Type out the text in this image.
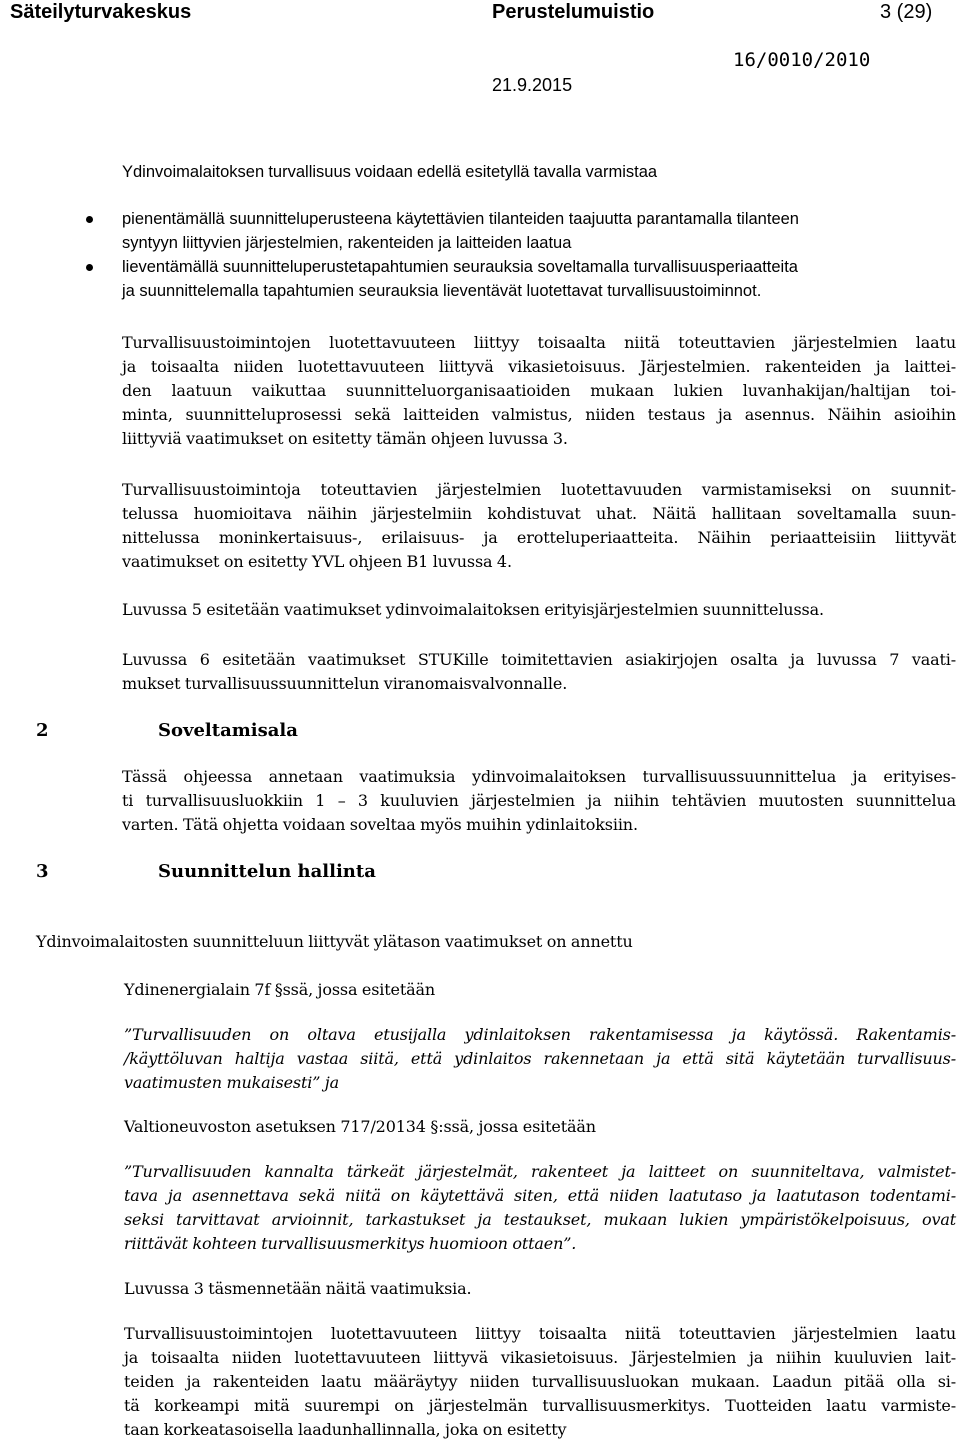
Säteilyturvakeskus	Perustelumuistio	3 (29)
16/0010/2010
21.9.2015
Ydinvoimalaitoksen turvallisuus voidaan edellä esitetyllä tavalla varmistaa
pienentämällä suunnitteluperusteena käytettävien tilanteiden taajuutta parantamalla tilanteen
syntyyn liittyvien järjestelmien, rakenteiden ja laitteiden laatua
lieventämällä suunnitteluperustetapahtumien seurauksia soveltamalla turvallisuusperiaatteita
ja suunnittelemalla tapahtumien seurauksia lieventävät luotettavat turvallisuustoiminnot.
Turvallisuustoimintojen luotettavuuteen liittyy toisaalta niitä toteuttavien järjestelmien laatu
ja toisaalta niiden luotettavuuteen liittyvä vikasietoisuus. Järjestelmien. rakenteiden ja laittei-
den laatuun vaikuttaa suunnitteluorganisaatioiden mukaan lukien luvanhakijan/haltijan toi-
minta, suunnitteluprosessi sekä laitteiden valmistus, niiden testaus ja asennus. Näihin asioihin
liittyviä vaatimukset on esitetty tämän ohjeen luvussa 3.
Turvallisuustoimintoja toteuttavien järjestelmien luotettavuuden varmistamiseksi on suunnit-
telussa huomioitava näihin järjestelmiin kohdistuvat uhat. Näitä hallitaan soveltamalla suun-
nittelussa moninkertaisuus-, erilaisuus- ja erotteluperiaatteita. Näihin periaatteisiin liittyvät
vaatimukset on esitetty YVL ohjeen B1 luvussa 4.
Luvussa 5 esitetään vaatimukset ydinvoimalaitoksen erityisjärjestelmien suunnittelussa.
Luvussa 6 esitetään vaatimukset STUKille toimitettavien asiakirjojen osalta ja luvussa 7 vaati-
mukset turvallisuussuunnittelun viranomaisvalvonnalle.
2	Soveltamisala
Tässä ohjeessa annetaan vaatimuksia ydinvoimalaitoksen turvallisuussuunnittelua ja erityises-
ti turvallisuusluokkiin 1 – 3 kuuluvien järjestelmien ja niihin tehtävien muutosten suunnittelua
varten. Tätä ohjetta voidaan soveltaa myös muihin ydinlaitoksiin.
3	Suunnittelun hallinta
Ydinvoimalaitosten suunnitteluun liittyvät ylätason vaatimukset on annettu
Ydinenergialain 7f §ssä, jossa esitetään
”Turvallisuuden on oltava etusijalla ydinlaitoksen rakentamisessa ja käytössä. Rakentamis-
/käyttöluvan haltija vastaa siitä, että ydinlaitos rakennetaan ja että sitä käytetään turvallisuus-
vaatimusten mukaisesti” ja
Valtioneuvoston asetuksen 717/20134 §:ssä, jossa esitetään
”Turvallisuuden kannalta tärkeät järjestelmät, rakenteet ja laitteet on suunniteltava, valmistet-
tava ja asennettava sekä niitä on käytettävä siten, että niiden laatutaso ja laatutason todentami-
seksi tarvittavat arvioinnit, tarkastukset ja testaukset, mukaan lukien ympäristökelpoisuus, ovat
riittävät kohteen turvallisuusmerkitys huomioon ottaen”.
Luvussa 3 täsmennetään näitä vaatimuksia.
Turvallisuustoimintojen luotettavuuteen liittyy toisaalta niitä toteuttavien järjestelmien laatu
ja toisaalta niiden luotettavuuteen liittyvä vikasietoisuus. Järjestelmien ja niihin kuuluvien lait-
teiden ja rakenteiden laatu määräytyy niiden turvallisuusluokan mukaan. Laadun pitää olla si-
tä korkeampi mitä suurempi on järjestelmän turvallisuusmerkitys. Tuotteiden laatu varmiste-
taan korkeatasoisella laadunhallinnalla, joka on esitetty
